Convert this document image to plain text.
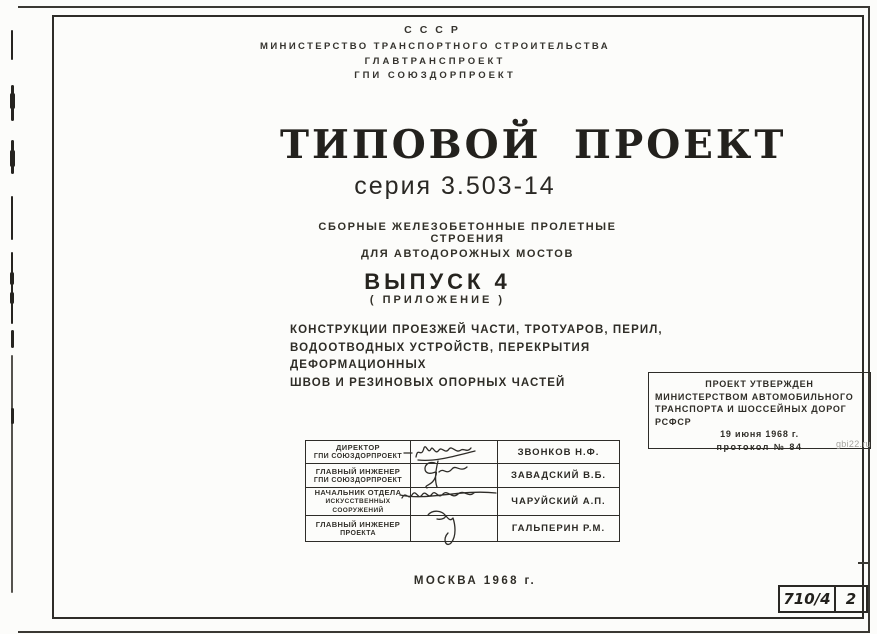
СССР
МИНИСТЕРСТВО ТРАНСПОРТНОГО СТРОИТЕЛЬСТВА
ГЛАВТРАНСПРОЕКТ
ГПИ СОЮЗДОРПРОЕКТ
ТИПОВОЙ ПРОЕКТ
серия 3.503-14
СБОРНЫЕ ЖЕЛЕЗОБЕТОННЫЕ ПРОЛЕТНЫЕ СТРОЕНИЯ
ДЛЯ АВТОДОРОЖНЫХ МОСТОВ
ВЫПУСК 4
( ПРИЛОЖЕНИЕ )
КОНСТРУКЦИИ ПРОЕЗЖЕЙ ЧАСТИ, ТРОТУАРОВ, ПЕРИЛ,
ВОДООТВОДНЫХ УСТРОЙСТВ, ПЕРЕКРЫТИЯ ДЕФОРМАЦИОННЫХ
ШВОВ И РЕЗИНОВЫХ ОПОРНЫХ ЧАСТЕЙ	ПРОЕКТ УТВЕРЖДЕН
МИНИСТЕРСТВОМ АВТОМОБИЛЬНОГО
ТРАНСПОРТА И ШОССЕЙНЫХ ДОРОГ РСФСР
19 июня 1968 г.
протокол № 84
ДИРЕКТОР
ГПИ СОЮЗДОРПРОЕКТ		ЗВОНКОВ Н.Ф.

ГЛАВНЫЙ ИНЖЕНЕР
ГПИ СОЮЗДОРПРОЕКТ		ЗАВАДСКИЙ В.Б.

НАЧАЛЬНИК ОТДЕЛА
ИСКУССТВЕННЫХ СООРУЖЕНИЙ		ЧАРУЙСКИЙ А.П.

ГЛАВНЫЙ ИНЖЕНЕР
ПРОЕКТА		ГАЛЬПЕРИН Р.М.
МОСКВА 1968 г.
710/4	2
gbi22.ru
